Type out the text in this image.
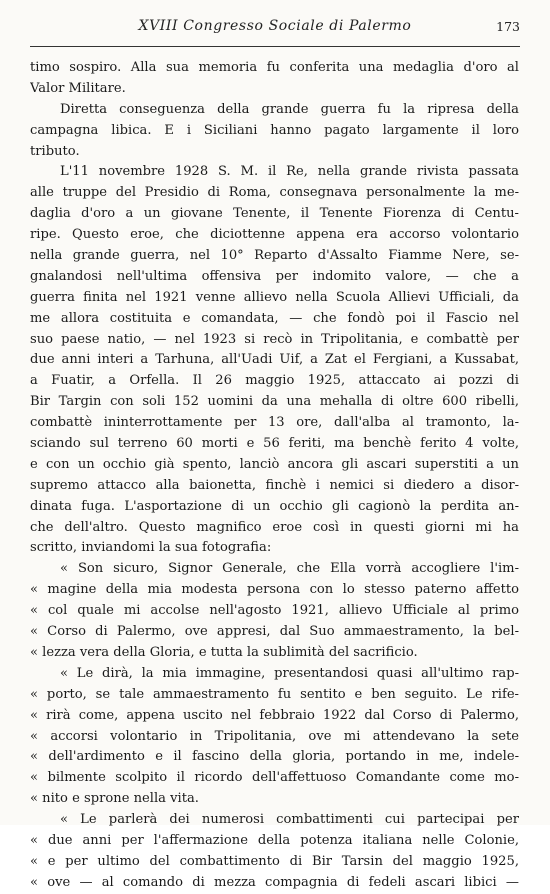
XVIII Congresso Sociale di Palermo	173
timo sospiro. Alla sua memoria fu conferita una medaglia d'oro al
Valor Militare.
Diretta conseguenza della grande guerra fu la ripresa della
campagna libica. E i Siciliani hanno pagato largamente il loro
tributo.
L'11 novembre 1928 S. M. il Re, nella grande rivista passata
alle truppe del Presidio di Roma, consegnava personalmente la me-
daglia d'oro a un giovane Tenente, il Tenente Fiorenza di Centu-
ripe. Questo eroe, che diciottenne appena era accorso volontario
nella grande guerra, nel 10° Reparto d'Assalto Fiamme Nere, se-
gnalandosi nell'ultima offensiva per indomito valore, — che a
guerra finita nel 1921 venne allievo nella Scuola Allievi Ufficiali, da
me allora costituita e comandata, — che fondò poi il Fascio nel
suo paese natio, — nel 1923 si recò in Tripolitania, e combattè per
due anni interi a Tarhuna, all'Uadi Uif, a Zat el Fergiani, a Kussabat,
a Fuatir, a Orfella. Il 26 maggio 1925, attaccato ai pozzi di
Bir Targin con soli 152 uomini da una mehalla di oltre 600 ribelli,
combattè ininterrottamente per 13 ore, dall'alba al tramonto, la-
sciando sul terreno 60 morti e 56 feriti, ma benchè ferito 4 volte,
e con un occhio già spento, lanciò ancora gli ascari superstiti a un
supremo attacco alla baionetta, finchè i nemici si diedero a disor-
dinata fuga. L'asportazione di un occhio gli cagionò la perdita an-
che dell'altro. Questo magnifico eroe così in questi giorni mi ha
scritto, inviandomi la sua fotografia:
« Son sicuro, Signor Generale, che Ella vorrà accogliere l'im-
« magine della mia modesta persona con lo stesso paterno affetto
« col quale mi accolse nell'agosto 1921, allievo Ufficiale al primo
« Corso di Palermo, ove appresi, dal Suo ammaestramento, la bel-
« lezza vera della Gloria, e tutta la sublimità del sacrificio.
« Le dirà, la mia immagine, presentandosi quasi all'ultimo rap-
« porto, se tale ammaestramento fu sentito e ben seguito. Le rife-
« rirà come, appena uscito nel febbraio 1922 dal Corso di Palermo,
« accorsi volontario in Tripolitania, ove mi attendevano la sete
« dell'ardimento e il fascino della gloria, portando in me, indele-
« bilmente scolpito il ricordo dell'affettuoso Comandante come mo-
« nito e sprone nella vita.
« Le parlerà dei numerosi combattimenti cui partecipai per
« due anni per l'affermazione della potenza italiana nelle Colonie,
« e per ultimo del combattimento di Bir Tarsin del maggio 1925,
« ove — al comando di mezza compagnia di fedeli ascari libici —
